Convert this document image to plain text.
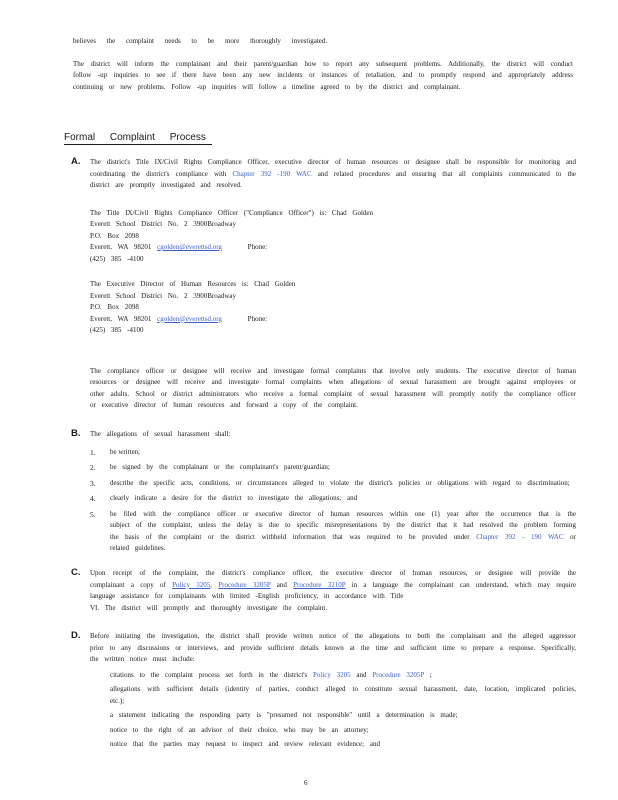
believes the complaint needs to be more thoroughly investigated.

The district will inform the complainant and their parent/guardian how to report any subsequent problems. Additionally, the district will conduct follow -up inquiries to see if there have been any new incidents or instances of retaliation, and to promptly respond and appropriately address continuing or new problems. Follow -up inquiries will follow a timeline agreed to by the district and complainant.

Formal Complaint Process
A. The district's Title IX/Civil Rights Compliance Officer, executive director of human resources or designee shall be responsible for monitoring and coordinating the district's compliance with Chapter 392 -190 WAC and related procedures and ensuring that all complaints communicated to the district are promptly investigated and resolved.

The Title IX/Civil Rights Compliance Officer ("Compliance Officer") is: Chad Golden
Everett School District No. 2 3900Broadway
P.O. Box 2098
Everett, WA 98201 cgolden@everettsd.org	Phone:
(425) 385 -4100
The Executive Director of Human Resources is: Chad Golden
Everett School District No. 2 3900Broadway
P.O. Box 2098
Everett, WA 98201 cgolden@everettsd.org	Phone:
(425) 385 -4100

The compliance officer or designee will receive and investigate formal complaints that involve only students. The executive director of human resources or designee will receive and investigate formal complaints when allegations of sexual harassment are brought against employees or other adults. School or district administrators who receive a formal complaint of sexual harassment will promptly notify the compliance officer or executive director of human resources and forward a copy of the complaint.

B. The allegations of sexual harassment shall:

1. be written;
2. be signed by the complainant or the complainant's parent/guardian;
3. describe the specific acts, conditions, or circumstances alleged to violate the district's policies or obligations with regard to discrimination;
4. clearly indicate a desire for the district to investigate the allegations; and
5. be filed with the compliance officer or executive director of human resources within one (1) year after the occurrence that is the subject of the complaint, unless the delay is due to specific misrepresentations by the district that it had resolved the problem forming the basis of the complaint or the district withheld information that was required to be provided under Chapter 392 - 190 WAC or related guidelines.
C. Upon receipt of the complaint, the district's compliance officer, the executive director of human resources, or designee will provide the complainant a copy of Policy 3205, Procedure 3205P and Procedure 3210P in a language the complainant can understand, which may require language assistance for complainants with limited -English proficiency, in accordance with Title

VI. The district will promptly and thoroughly investigate the complaint.

D. Before initiating the investigation, the district shall provide written notice of the allegations to both the complainant and the alleged aggressor prior to any discussions or interviews, and provide sufficient details known at the time and sufficient time to prepare a response. Specifically, the written notice must include:

citations to the complaint process set forth in the district's Policy 3205 and Procedure 3205P ;
allegations with sufficient details (identity of parties, conduct alleged to constitute sexual harassment, date, location, implicated policies, etc.);
a statement indicating the responding party is "presumed not responsible" until a determination is made;
notice to the right of an advisor of their choice, who may be an attorney;
notice that the parties may request to inspect and review relevant evidence; and
6
